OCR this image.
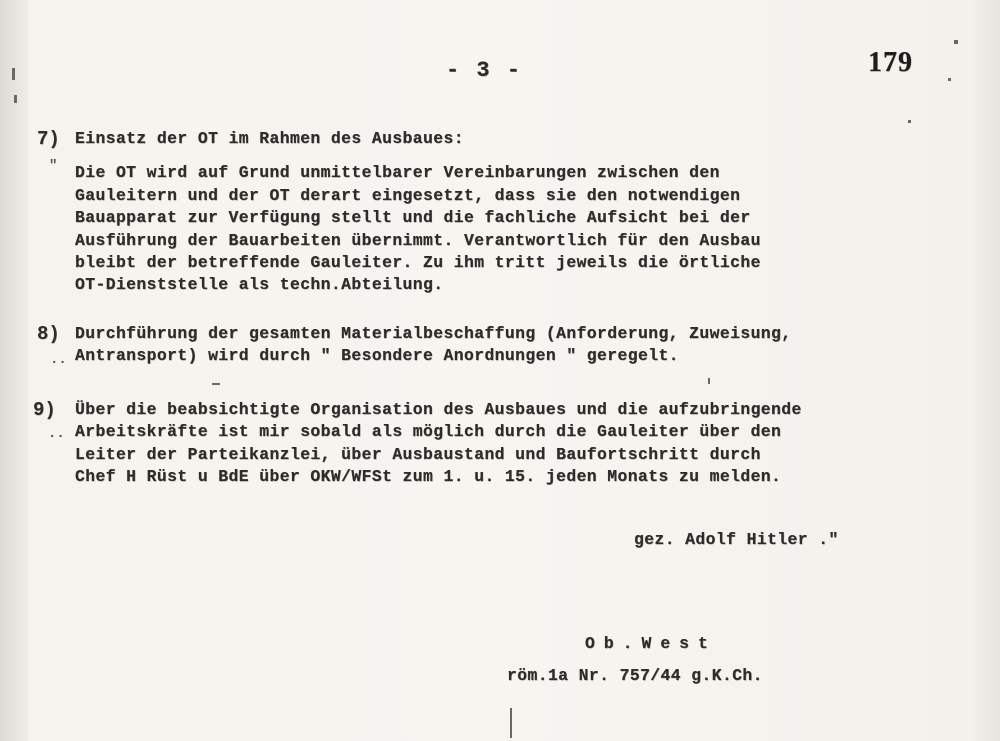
- 3 -	179
7) Einsatz der OT im Rahmen des Ausbaues:
" Die OT wird auf Grund unmittelbarer Vereinbarungen zwischen den
Gauleitern und der OT derart eingesetzt, dass sie den notwendigen
Bauapparat zur Verfügung stellt und die fachliche Aufsicht bei der
Ausführung der Bauarbeiten übernimmt. Verantwortlich für den Ausbau
bleibt der betreffende Gauleiter. Zu ihm tritt jeweils die örtliche
OT-Dienststelle als techn.Abteilung.
8) Durchführung der gesamten Materialbeschaffung (Anforderung, Zuweisung,
.. Antransport) wird durch " Besondere Anordnungen " geregelt.
9) Über die beabsichtigte Organisation des Ausbaues und die aufzubringende
.. Arbeitskräfte ist mir sobald als möglich durch die Gauleiter über den
Leiter der Parteikanzlei, über Ausbaustand und Baufortschritt durch
Chef H Rüst u BdE über OKW/WFSt zum 1. u. 15. jeden Monats zu melden.
gez. Adolf Hitler ."
Ob.West
röm.1a Nr. 757/44 g.K.Ch.
